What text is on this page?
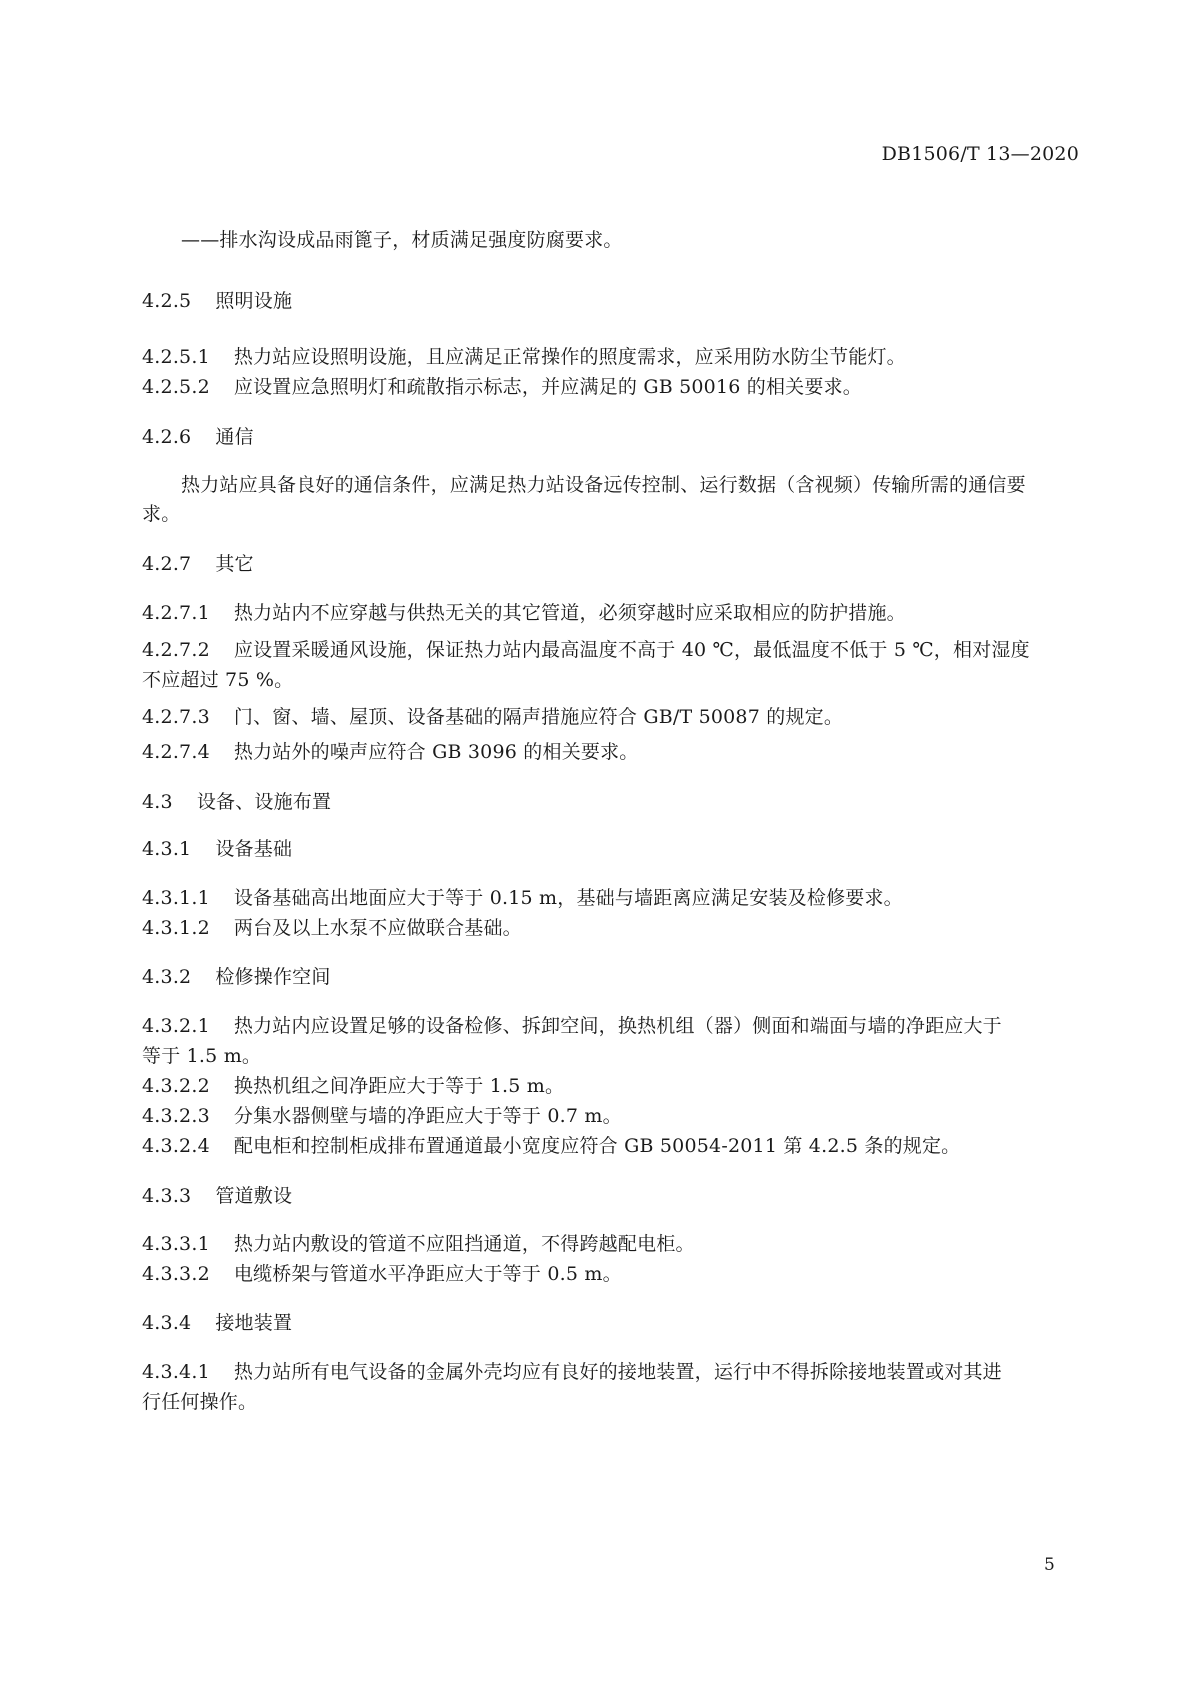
DB1506/T 13—2020
——排水沟设成品雨篦子，材质满足强度防腐要求。
4.2.5 照明设施
4.2.5.1 热力站应设照明设施，且应满足正常操作的照度需求，应采用防水防尘节能灯。
4.2.5.2 应设置应急照明灯和疏散指示标志，并应满足的 GB 50016 的相关要求。
4.2.6 通信
热力站应具备良好的通信条件，应满足热力站设备远传控制、运行数据（含视频）传输所需的通信要
求。
4.2.7 其它
4.2.7.1 热力站内不应穿越与供热无关的其它管道，必须穿越时应采取相应的防护措施。
4.2.7.2 应设置采暖通风设施，保证热力站内最高温度不高于 40 ℃，最低温度不低于 5 ℃，相对湿度
不应超过 75 %。
4.2.7.3 门、窗、墙、屋顶、设备基础的隔声措施应符合 GB/T 50087 的规定。
4.2.7.4 热力站外的噪声应符合 GB 3096 的相关要求。
4.3 设备、设施布置
4.3.1 设备基础
4.3.1.1 设备基础高出地面应大于等于 0.15 m，基础与墙距离应满足安装及检修要求。
4.3.1.2 两台及以上水泵不应做联合基础。
4.3.2 检修操作空间
4.3.2.1 热力站内应设置足够的设备检修、拆卸空间，换热机组（器）侧面和端面与墙的净距应大于
等于 1.5 m。
4.3.2.2 换热机组之间净距应大于等于 1.5 m。
4.3.2.3 分集水器侧壁与墙的净距应大于等于 0.7 m。
4.3.2.4 配电柜和控制柜成排布置通道最小宽度应符合 GB 50054-2011 第 4.2.5 条的规定。
4.3.3 管道敷设
4.3.3.1 热力站内敷设的管道不应阻挡通道，不得跨越配电柜。
4.3.3.2 电缆桥架与管道水平净距应大于等于 0.5 m。
4.3.4 接地装置
4.3.4.1 热力站所有电气设备的金属外壳均应有良好的接地装置，运行中不得拆除接地装置或对其进
行任何操作。
5
